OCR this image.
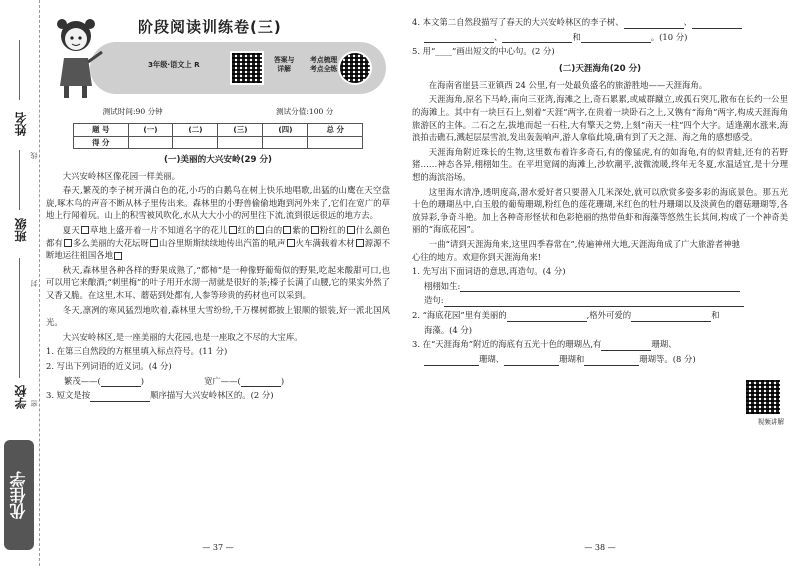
姓名
班级
学校
线
封
密
优佳学
3年级·语文上 R	答案与
详解
考点梳理
考点全练
阶段阅读训练卷(三)
测试时间:90 分钟	测试分值:100 分
题 号	(一)	(二)	(三)	(四)	总 分
得 分					
(一)美丽的大兴安岭(29 分)

大兴安岭林区像花园一样美丽。

春天,繁茂的李子树开满白色的花,小巧的白鹅鸟在树上快乐地唱歌,出猛的山鹰在天空盘旋,啄木鸟的声音不断从林子里传出来。森林里的小野兽偷偷地跑到河外来了,它们在宽广的草地上行闻着玩。山上的积雪被风吹化,水从大大小小的河里往下流,流到很远很远的地方去。

夏天 草地上盛开着一片不知道名字的花儿 红的 白的 紫的 粉红的 什么颜色都有 多么美丽的大花坛呀 山谷里斯斯续续地传出汽笛的吼声 火车满载着木材 源源不断地运往祖国各地

秋天,森林里各种各样的野果成熟了,“都柿”是一种像野葡萄似的野果,吃起来酸甜可口,也可以用它来酿酒;“刺里梅”的叶子用开水沏一沏就是很好的茶;榛子长满了山腰,它的果实外然了又香又脆。在这里,木耳、蘑菇到处都有,人参等珍贵的药材也可以采到。

冬天,凛冽的寒风猛烈地吹着,森林里大雪纷纷,千万棵树都披上银顺的银装,好一派北国风光。

大兴安岭林区,是一座美丽的大花园,也是一座取之不尽的大宝库。

1. 在第三自然段的方框里填入标点符号。(11 分)
2. 写出下列词语的近义词。(4 分)
繁茂——(	)	宽广——(	)
3. 短文是按	顺序描写大兴安岭林区的。(2 分)
— 37 —
4. 本文第二自然段描写了春天的大兴安岭林区的李子树、	、
、	和	。(10 分)
5. 用“____”画出短文的中心句。(2 分)
(二)天涯海角(20 分)

在海南省崖县三亚镇西 24 公里,有一处最负盛名的旅游胜地——天涯海角。

天涯海角,原名下马岭,南向三亚湾,海滩之上,奇石累累,或威群蹴立,或孤石突兀,散布在长约一公里的海滩上。其中有一块巨石上,刻着“天涯”两字,在贵着一块卧石之上,又镌有“海角”两字,构成天涯海角旅游区的主体。二石之左,拔地而起一石柱,大有擎天之势,上刻“南天一柱”四个大字。适逢潮水涨来,海浪拍击礁石,溅起层层雪浪,发出轰轰响声,游人拿临此境,确有到了天之涯、海之角的感想感受。

天涯海角附近珠长的生物,这里数布着许多奇石,有的像猛虎,有的如海龟,有的似青蛙,还有的若野猪……神态各异,栩栩如生。在平坦宽阔的海滩上,沙软潮平,波微流暖,终年无冬夏,水温适宜,是十分理想的海滨浴场。

这里海水清净,透明度高,潜水爱好者只要潜入几米深处,就可以欣赏多姿多彩的海底景色。那五光十色的珊瑚丛中,白玉般的葡萄珊瑚,粉红色的莲花珊瑚,米红色的牡丹珊瑚以及淡黄色的蘑菇珊瑚等,各放异彩,争奇斗艳。加上各种奇形怪状和色彩艳丽的热带鱼虾和海藻等悠然生长其间,构成了一个神奇美丽的“海底花园”。

一曲“请到天涯海角来,这里四季春常在”,传遍神州大地,天涯海角成了广大旅游者神驰心往的地方。欢迎你到天涯海角来!

视频讲解
1. 先写出下面词语的意思,再造句。(4 分)
栩栩如生:
造句:
2. “海底花园”里有美丽的	,格外可爱的	和
海藻。(4 分)
3. 在“天涯海角”附近的海底有五光十色的珊瑚丛,有	珊瑚、
珊瑚、	珊瑚和	珊瑚等。(8 分)
— 38 —
